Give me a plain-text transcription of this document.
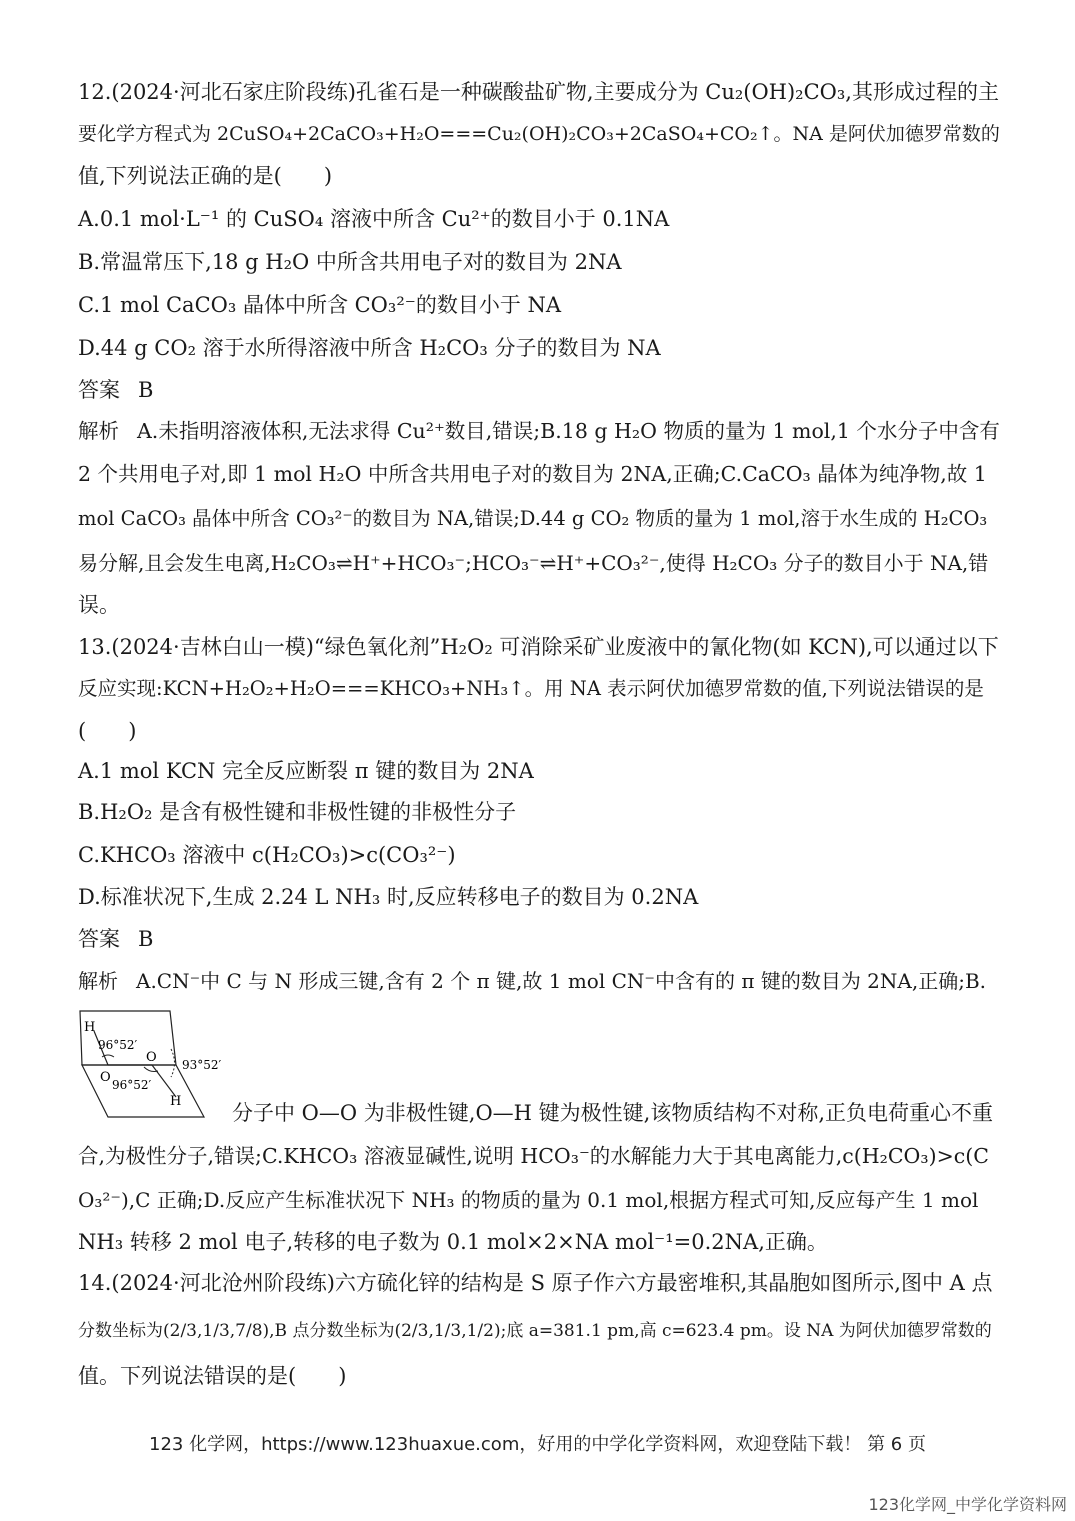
12.(2024·河北石家庄阶段练)孔雀石是一种碳酸盐矿物,主要成分为 Cu₂(OH)₂CO₃,其形成过程的主
要化学方程式为 2CuSO₄+2CaCO₃+H₂O===Cu₂(OH)₂CO₃+2CaSO₄+CO₂↑。NA 是阿伏加德罗常数的
值,下列说法正确的是(　　)
A.0.1 mol·L⁻¹ 的 CuSO₄ 溶液中所含 Cu²⁺的数目小于 0.1NA
B.常温常压下,18 g H₂O 中所含共用电子对的数目为 2NA
C.1 mol CaCO₃ 晶体中所含 CO₃²⁻的数目小于 NA
D.44 g CO₂ 溶于水所得溶液中所含 H₂CO₃ 分子的数目为 NA
答案 B
解析 A.未指明溶液体积,无法求得 Cu²⁺数目,错误;B.18 g H₂O 物质的量为 1 mol,1 个水分子中含有
2 个共用电子对,即 1 mol H₂O 中所含共用电子对的数目为 2NA,正确;C.CaCO₃ 晶体为纯净物,故 1
mol CaCO₃ 晶体中所含 CO₃²⁻的数目为 NA,错误;D.44 g CO₂ 物质的量为 1 mol,溶于水生成的 H₂CO₃
易分解,且会发生电离,H₂CO₃⇌H⁺+HCO₃⁻;HCO₃⁻⇌H⁺+CO₃²⁻,使得 H₂CO₃ 分子的数目小于 NA,错
误。
13.(2024·吉林白山一模)“绿色氧化剂”H₂O₂ 可消除采矿业废液中的氰化物(如 KCN),可以通过以下
反应实现:KCN+H₂O₂+H₂O===KHCO₃+NH₃↑。用 NA 表示阿伏加德罗常数的值,下列说法错误的是
(　　)
A.1 mol KCN 完全反应断裂 π 键的数目为 2NA
B.H₂O₂ 是含有极性键和非极性键的非极性分子
C.KHCO₃ 溶液中 c(H₂CO₃)>c(CO₃²⁻)
D.标准状况下,生成 2.24 L NH₃ 时,反应转移电子的数目为 0.2NA
答案 B
解析 A.CN⁻中 C 与 N 形成三键,含有 2 个 π 键,故 1 mol CN⁻中含有的 π 键的数目为 2NA,正确;B.
H
96°52′
O
O 96°52′
H
93°52′
分子中 O—O 为非极性键,O—H 键为极性键,该物质结构不对称,正负电荷重心不重
合,为极性分子,错误;C.KHCO₃ 溶液显碱性,说明 HCO₃⁻的水解能力大于其电离能力,c(H₂CO₃)>c(C
O₃²⁻),C 正确;D.反应产生标准状况下 NH₃ 的物质的量为 0.1 mol,根据方程式可知,反应每产生 1 mol
NH₃ 转移 2 mol 电子,转移的电子数为 0.1 mol×2×NA mol⁻¹=0.2NA,正确。
14.(2024·河北沧州阶段练)六方硫化锌的结构是 S 原子作六方最密堆积,其晶胞如图所示,图中 A 点
分数坐标为(2/3,1/3,7/8),B 点分数坐标为(2/3,1/3,1/2);底 a=381.1 pm,高 c=623.4 pm。设 NA 为阿伏加德罗常数的
值。下列说法错误的是(　　)
123 化学网，https://www.123huaxue.com，好用的中学化学资料网，欢迎登陆下载！ 第 6 页
123化学网_中学化学资料网
